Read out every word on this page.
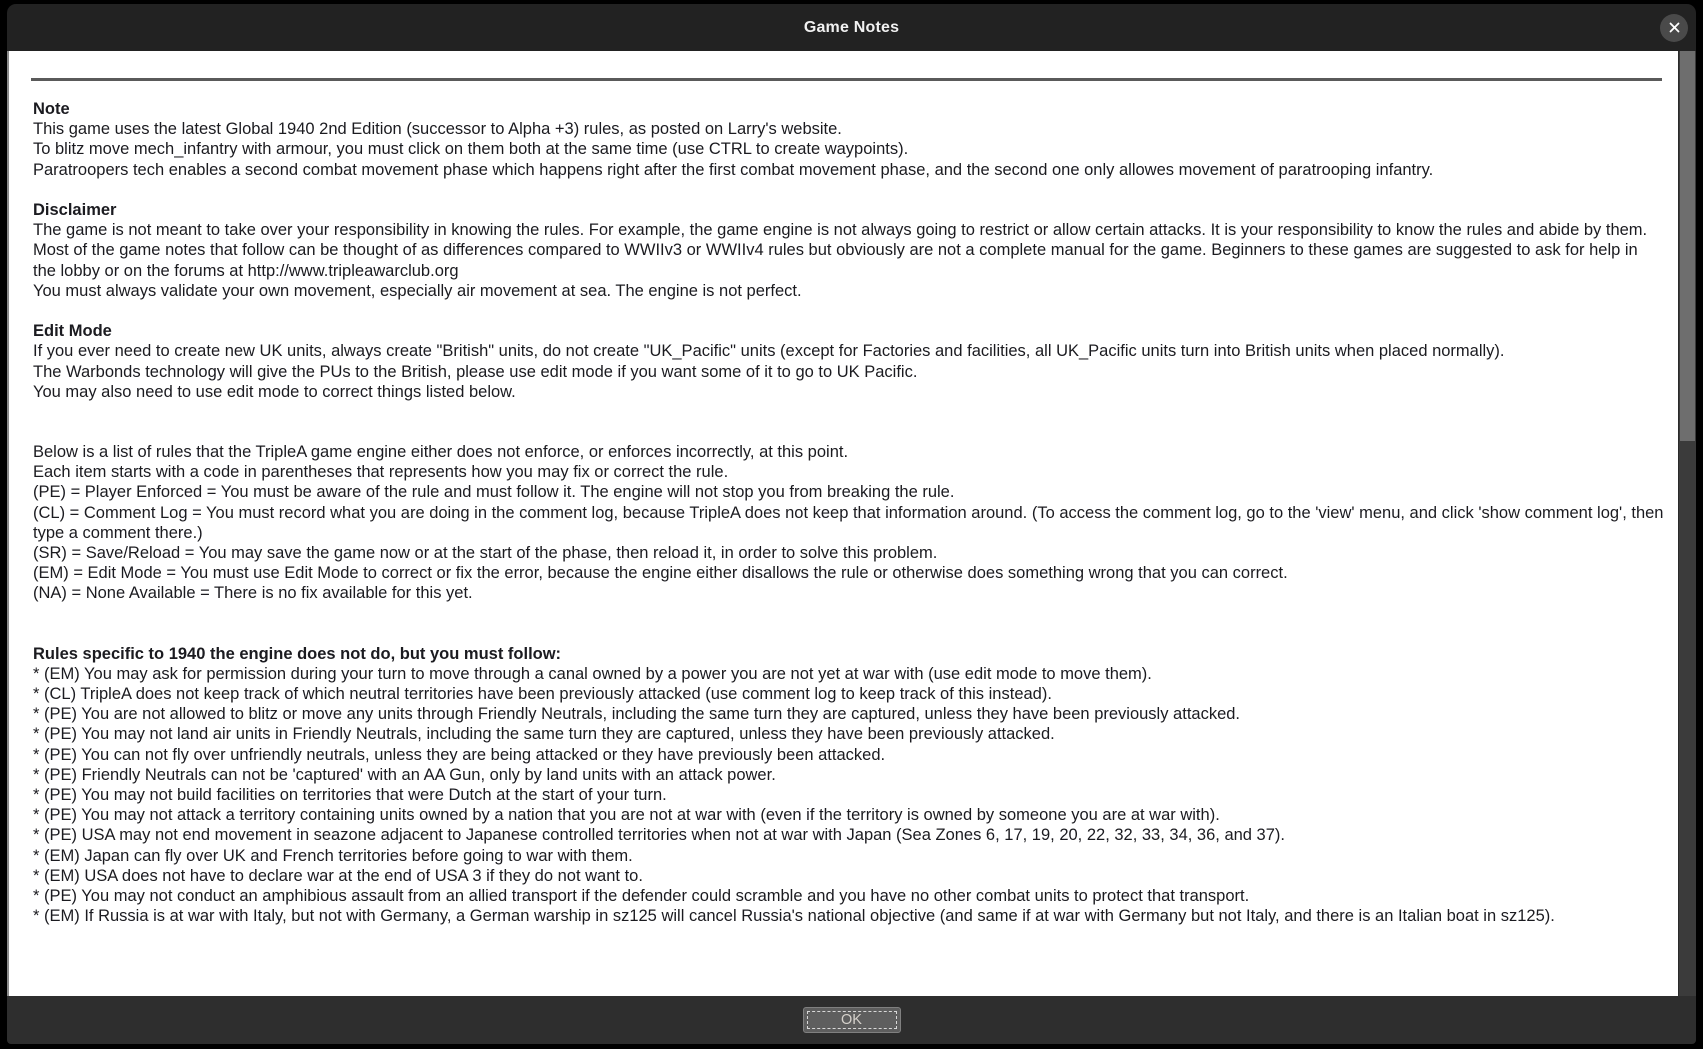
Game Notes

Note

This game uses the latest Global 1940 2nd Edition (successor to Alpha +3) rules, as posted on Larry's website.

To blitz move mech_infantry with armour, you must click on them both at the same time (use CTRL to create waypoints).

Paratroopers tech enables a second combat movement phase which happens right after the first combat movement phase, and the second one only allowes movement of paratrooping infantry.

Disclaimer

The game is not meant to take over your responsibility in knowing the rules. For example, the game engine is not always going to restrict or allow certain attacks. It is your responsibility to know the rules and abide by them. Most of the game notes that follow can be thought of as differences compared to WWIIv3 or WWIIv4 rules but obviously are not a complete manual for the game. Beginners to these games are suggested to ask for help in the lobby or on the forums at http://www.tripleawarclub.org

You must always validate your own movement, especially air movement at sea. The engine is not perfect.

Edit Mode

If you ever need to create new UK units, always create "British" units, do not create "UK_Pacific" units (except for Factories and facilities, all UK_Pacific units turn into British units when placed normally).

The Warbonds technology will give the PUs to the British, please use edit mode if you want some of it to go to UK Pacific.

You may also need to use edit mode to correct things listed below.

Below is a list of rules that the TripleA game engine either does not enforce, or enforces incorrectly, at this point.

Each item starts with a code in parentheses that represents how you may fix or correct the rule.

(PE) = Player Enforced = You must be aware of the rule and must follow it. The engine will not stop you from breaking the rule.

(CL) = Comment Log = You must record what you are doing in the comment log, because TripleA does not keep that information around. (To access the comment log, go to the 'view' menu, and click 'show comment log', then type a comment there.)

(SR) = Save/Reload = You may save the game now or at the start of the phase, then reload it, in order to solve this problem.

(EM) = Edit Mode = You must use Edit Mode to correct or fix the error, because the engine either disallows the rule or otherwise does something wrong that you can correct.

(NA) = None Available = There is no fix available for this yet.

Rules specific to 1940 the engine does not do, but you must follow:

* (EM) You may ask for permission during your turn to move through a canal owned by a power you are not yet at war with (use edit mode to move them).

* (CL) TripleA does not keep track of which neutral territories have been previously attacked (use comment log to keep track of this instead).

* (PE) You are not allowed to blitz or move any units through Friendly Neutrals, including the same turn they are captured, unless they have been previously attacked.

* (PE) You may not land air units in Friendly Neutrals, including the same turn they are captured, unless they have been previously attacked.

* (PE) You can not fly over unfriendly neutrals, unless they are being attacked or they have previously been attacked.

* (PE) Friendly Neutrals can not be 'captured' with an AA Gun, only by land units with an attack power.

* (PE) You may not build facilities on territories that were Dutch at the start of your turn.

* (PE) You may not attack a territory containing units owned by a nation that you are not at war with (even if the territory is owned by someone you are at war with).

* (PE) USA may not end movement in seazone adjacent to Japanese controlled territories when not at war with Japan (Sea Zones 6, 17, 19, 20, 22, 32, 33, 34, 36, and 37).

* (EM) Japan can fly over UK and French territories before going to war with them.

* (EM) USA does not have to declare war at the end of USA 3 if they do not want to.

* (PE) You may not conduct an amphibious assault from an allied transport if the defender could scramble and you have no other combat units to protect that transport.

* (EM) If Russia is at war with Italy, but not with Germany, a German warship in sz125 will cancel Russia's national objective (and same if at war with Germany but not Italy, and there is an Italian boat in sz125).

OK
